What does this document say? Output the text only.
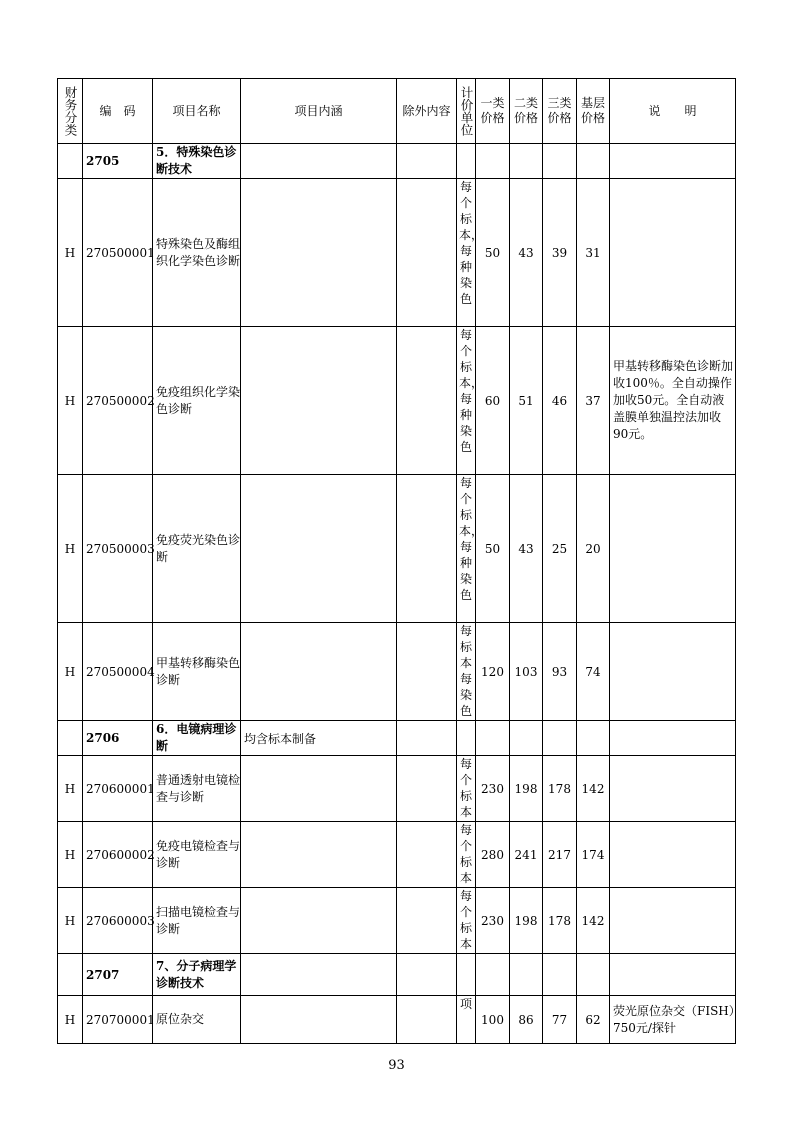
财务分类	编　码	项目名称	项目内涵	除外内容	计价单位	一类价格	二类价格	三类价格	基层价格	说　　明
	2705	5．特殊染色诊断技术			

H	270500001	特殊染色及酶组织化学染色诊断			每个标本，每种染色	50	43	39	31	
H	270500002	免疫组织化学染色诊断			每个标本，每种染色	60	51	46	37	甲基转移酶染色诊断加收100％。全自动操作加收50元。全自动液盖膜单独温控法加收90元。
H	270500003	免疫荧光染色诊断			每个标本，每种染色	50	43	25	20	
H	270500004	甲基转移酶染色诊断			每标本每染色	120	103	93	74	
	2706	6．电镜病理诊断	均含标本制备		

H	270600001	普通透射电镜检查与诊断			每个标本	230	198	178	142	
H	270600002	免疫电镜检查与诊断			每个标本	280	241	217	174	
H	270600003	扫描电镜检查与诊断			每个标本	230	198	178	142	
	2707	7、分子病理学诊断技术			

H	270700001	原位杂交			项	100	86	77	62	荧光原位杂交（FISH）750元/探针
93
